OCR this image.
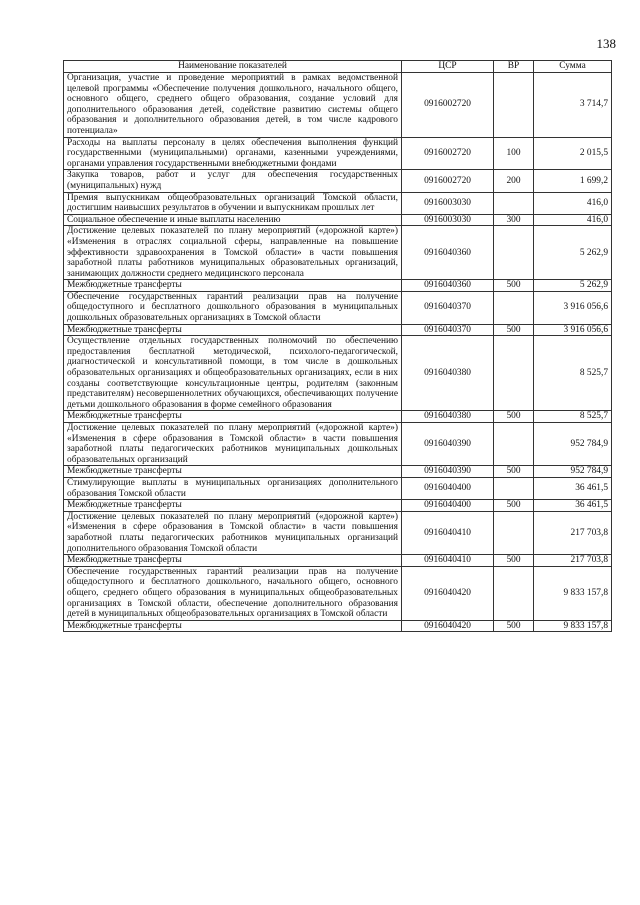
138
Наименование показателей	ЦСР	ВР	Сумма
Организация, участие и проведение мероприятий в рамках ведомственной целевой программы «Обеспечение получения дошкольного, начального общего, основного общего, среднего общего образования, создание условий для дополнительного образования детей, содействие развитию системы общего образования и дополнительного образования детей, в том числе кадрового потенциала»	0916002720		3 714,7
Расходы на выплаты персоналу в целях обеспечения выполнения функций государственными (муниципальными) органами, казенными учреждениями, органами управления государственными внебюджетными фондами	0916002720	100	2 015,5
Закупка товаров, работ и услуг для обеспечения государственных (муниципальных) нужд	0916002720	200	1 699,2
Премия выпускникам общеобразовательных организаций Томской области, достигшим наивысших результатов в обучении и выпускникам прошлых лет	0916003030		416,0
Социальное обеспечение и иные выплаты населению	0916003030	300	416,0
Достижение целевых показателей по плану мероприятий («дорожной карте») «Изменения в отраслях социальной сферы, направленные на повышение эффективности здравоохранения в Томской области» в части повышения заработной платы работников муниципальных образовательных организаций, занимающих должности среднего медицинского персонала	0916040360		5 262,9
Межбюджетные трансферты	0916040360	500	5 262,9
Обеспечение государственных гарантий реализации прав на получение общедоступного и бесплатного дошкольного образования в муниципальных дошкольных образовательных организациях в Томской области	0916040370		3 916 056,6
Межбюджетные трансферты	0916040370	500	3 916 056,6
Осуществление отдельных государственных полномочий по обеспечению предоставления бесплатной методической, психолого-педагогической, диагностической и консультативной помощи, в том числе в дошкольных образовательных организациях и общеобразовательных организациях, если в них созданы соответствующие консультационные центры, родителям (законным представителям) несовершеннолетних обучающихся, обеспечивающих получение детьми дошкольного образования в форме семейного образования	0916040380		8 525,7
Межбюджетные трансферты	0916040380	500	8 525,7
Достижение целевых показателей по плану мероприятий («дорожной карте») «Изменения в сфере образования в Томской области» в части повышения заработной платы педагогических работников муниципальных дошкольных образовательных организаций	0916040390		952 784,9
Межбюджетные трансферты	0916040390	500	952 784,9
Стимулирующие выплаты в муниципальных организациях дополнительного образования Томской области	0916040400		36 461,5
Межбюджетные трансферты	0916040400	500	36 461,5
Достижение целевых показателей по плану мероприятий («дорожной карте») «Изменения в сфере образования в Томской области» в части повышения заработной платы педагогических работников муниципальных организаций дополнительного образования Томской области	0916040410		217 703,8
Межбюджетные трансферты	0916040410	500	217 703,8
Обеспечение государственных гарантий реализации прав на получение общедоступного и бесплатного дошкольного, начального общего, основного общего, среднего общего образования в муниципальных общеобразовательных организациях в Томской области, обеспечение дополнительного образования детей в муниципальных общеобразовательных организациях в Томской области	0916040420		9 833 157,8
Межбюджетные трансферты	0916040420	500	9 833 157,8
